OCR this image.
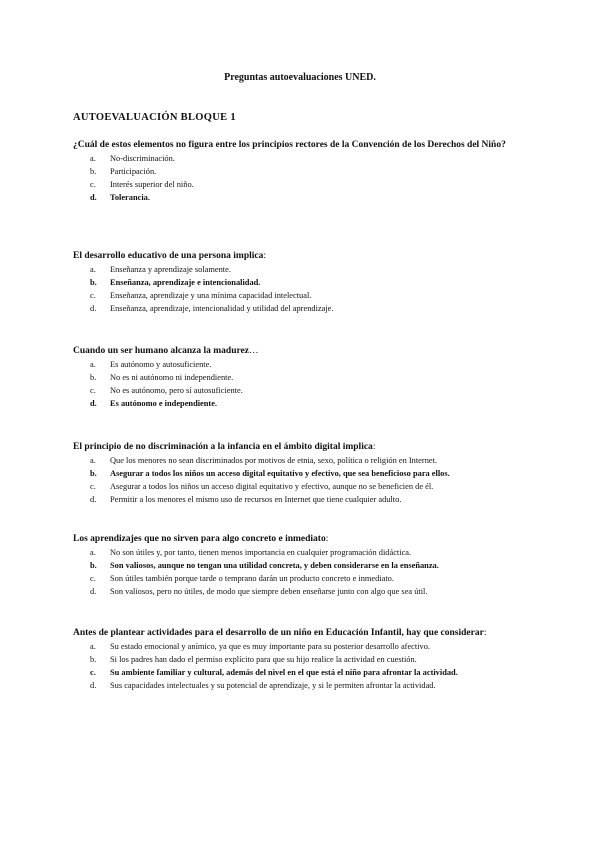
Preguntas autoevaluaciones UNED.
AUTOEVALUACIÓN BLOQUE 1
¿Cuál de estos elementos no figura entre los principios rectores de la Convención de los Derechos del Niño?
a. No-discriminación.
b. Participación.
c. Interés superior del niño.
d. Tolerancia.
El desarrollo educativo de una persona implica:
a. Enseñanza y aprendizaje solamente.
b. Enseñanza, aprendizaje e intencionalidad.
c. Enseñanza, aprendizaje y una mínima capacidad intelectual.
d. Enseñanza, aprendizaje, intencionalidad y utilidad del aprendizaje.
Cuando un ser humano alcanza la madurez…
a. Es autónomo y autosuficiente.
b. No es ni autónomo ni independiente.
c. No es autónomo, pero sí autosuficiente.
d. Es autónomo e independiente.
El principio de no discriminación a la infancia en el ámbito digital implica:
a. Que los menores no sean discriminados por motivos de etnia, sexo, política o religión en Internet.
b. Asegurar a todos los niños un acceso digital equitativo y efectivo, que sea beneficioso para ellos.
c. Asegurar a todos los niños un acceso digital equitativo y efectivo, aunque no se beneficien de él.
d. Permitir a los menores el mismo uso de recursos en Internet que tiene cualquier adulto.
Los aprendizajes que no sirven para algo concreto e inmediato:
a. No son útiles y, por tanto, tienen menos importancia en cualquier programación didáctica.
b. Son valiosos, aunque no tengan una utilidad concreta, y deben considerarse en la enseñanza.
c. Son útiles también porque tarde o temprano darán un producto concreto e inmediato.
d. Son valiosos, pero no útiles, de modo que siempre deben enseñarse junto con algo que sea útil.
Antes de plantear actividades para el desarrollo de un niño en Educación Infantil, hay que considerar:
a. Su estado emocional y anímico, ya que es muy importante para su posterior desarrollo afectivo.
b. Si los padres han dado el permiso explícito para que su hijo realice la actividad en cuestión.
c. Su ambiente familiar y cultural, además del nivel en el que está el niño para afrontar la actividad.
d. Sus capacidades intelectuales y su potencial de aprendizaje, y si le permiten afrontar la actividad.
